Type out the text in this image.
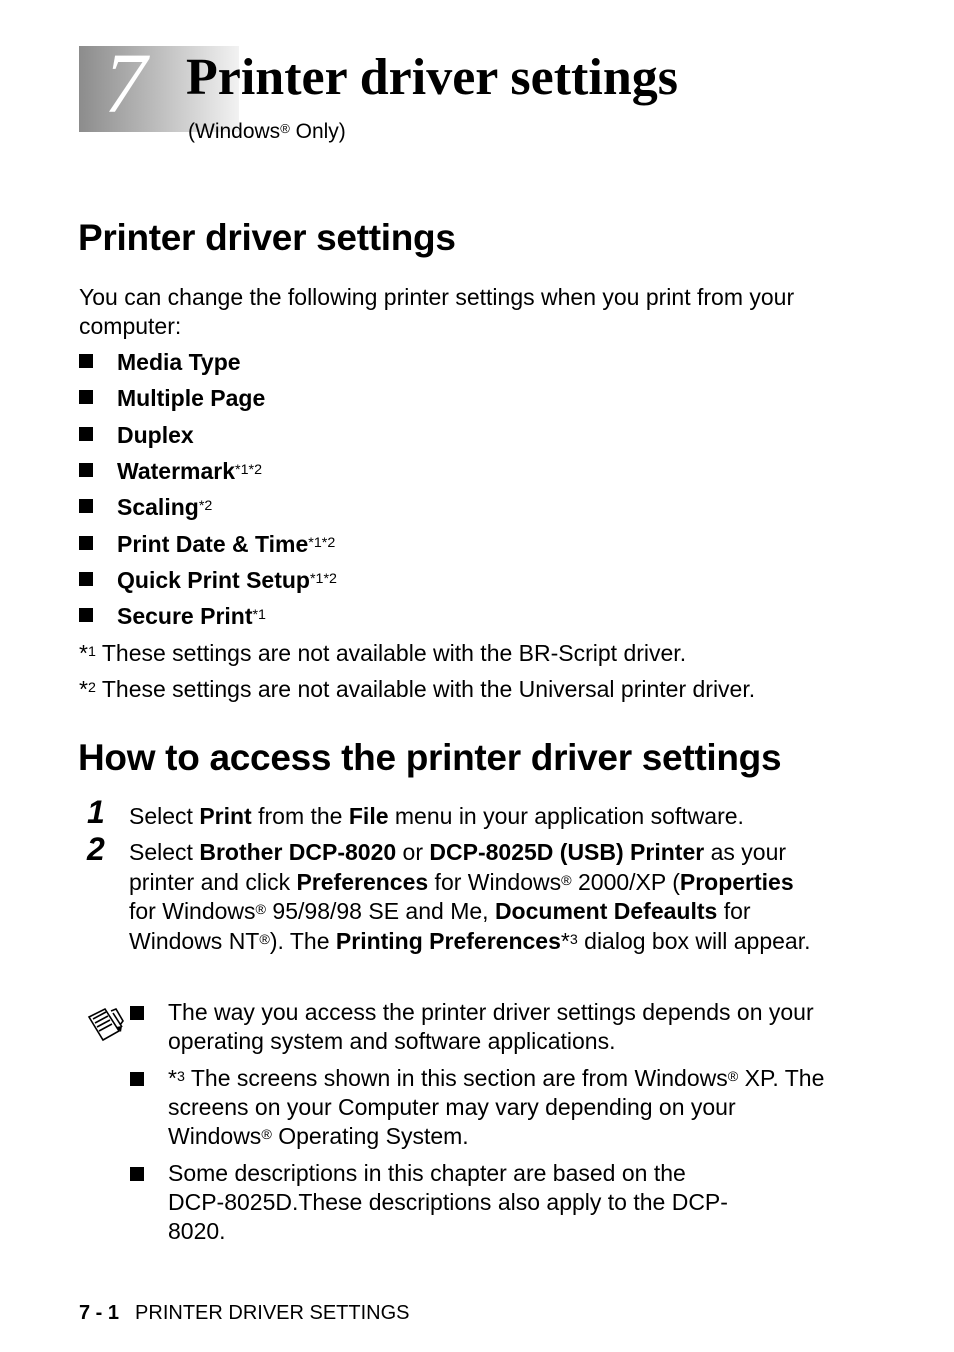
7 Printer driver settings
(Windows® Only)
Printer driver settings
You can change the following printer settings when you print from your computer:
Media Type
Multiple Page
Duplex
Watermark$^{*1*2}$
Scaling$^{*2}$
Print Date & Time$^{*1*2}$
Quick Print Setup$^{*1*2}$
Secure Print$^{*1}$
*$^1$ These settings are not available with the BR-Script driver.
*$^2$ These settings are not available with the Universal printer driver.
How to access the printer driver settings
1 Select Print from the File menu in your application software.
2 Select Brother DCP-8020 or DCP-8025D (USB) Printer as your printer and click Preferences for Windows® 2000/XP (Properties for Windows® 95/98/98 SE and Me, Document Defeaults for Windows NT®). The Printing Preferences*$^3$ dialog box will appear.
The way you access the printer driver settings depends on your operating system and software applications.
*$^3$ The screens shown in this section are from Windows® XP. The screens on your Computer may vary depending on your Windows® Operating System.
Some descriptions in this chapter are based on the DCP-8025D.These descriptions also apply to the DCP-8020.
7 - 1 PRINTER DRIVER SETTINGS
